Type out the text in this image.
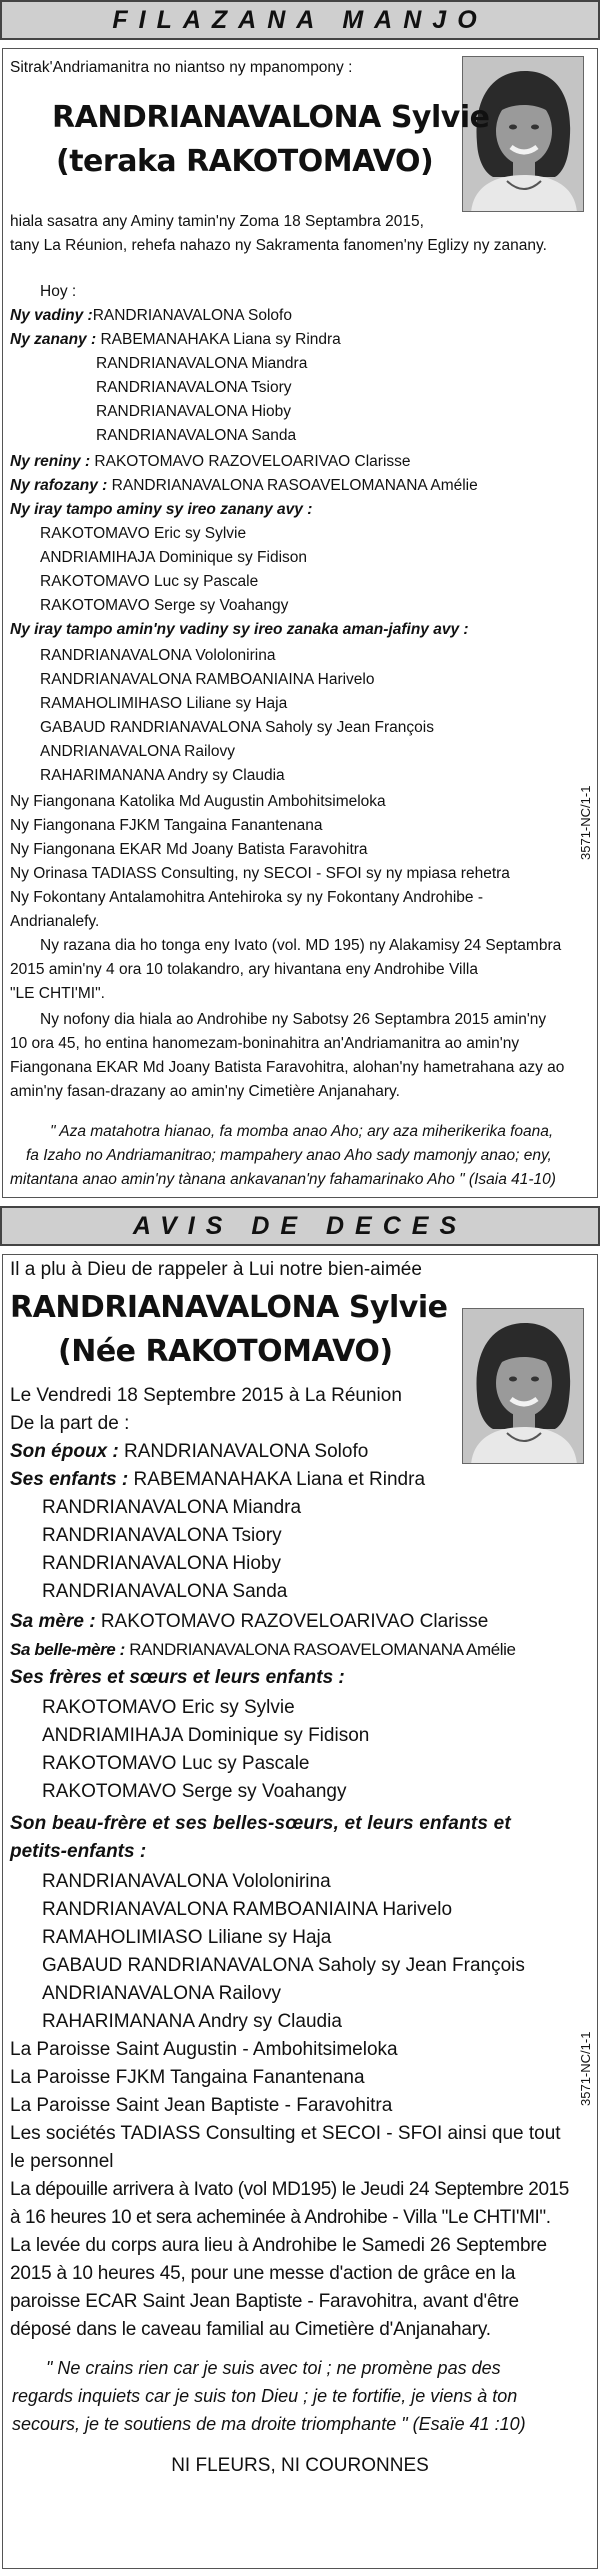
FILAZANA MANJO
Sitrak'Andriamanitra no niantso ny mpanompony :
RANDRIANAVALONA Sylvie
(teraka RAKOTOMAVO)
hiala sasatra any Aminy tamin'ny Zoma 18 Septambra 2015,
tany La Réunion, rehefa nahazo ny Sakramenta fanomen'ny Eglizy ny zanany.
Hoy :
Ny vadiny :RANDRIANAVALONA Solofo
Ny zanany : RABEMANAHAKA Liana sy Rindra
RANDRIANAVALONA Miandra
RANDRIANAVALONA Tsiory
RANDRIANAVALONA Hioby
RANDRIANAVALONA Sanda
Ny reniny : RAKOTOMAVO RAZOVELOARIVAO Clarisse
Ny rafozany : RANDRIANAVALONA RASOAVELOMANANA Amélie
Ny iray tampo aminy sy ireo zanany avy :
RAKOTOMAVO Eric sy Sylvie
ANDRIAMIHAJA Dominique sy Fidison
RAKOTOMAVO Luc sy Pascale
RAKOTOMAVO Serge sy Voahangy
Ny iray tampo amin'ny vadiny sy ireo zanaka aman-jafiny avy :
RANDRIANAVALONA Vololonirina
RANDRIANAVALONA RAMBOANIAINA Harivelo
RAMAHOLIMIHASO Liliane sy Haja
GABAUD RANDRIANAVALONA Saholy sy Jean François
ANDRIANAVALONA Railovy
RAHARIMANANA Andry sy Claudia
Ny Fiangonana Katolika Md Augustin Ambohitsimeloka
Ny Fiangonana FJKM Tangaina Fanantenana
Ny Fiangonana EKAR Md Joany Batista Faravohitra
Ny Orinasa TADIASS Consulting, ny SECOI - SFOI sy ny mpiasa rehetra
Ny Fokontany Antalamohitra Antehiroka sy ny Fokontany Androhibe -
Andrianalefy.
Ny razana dia ho tonga eny Ivato (vol. MD 195) ny Alakamisy 24 Septambra
2015 amin'ny 4 ora 10 tolakandro, ary hivantana eny Androhibe Villa
"LE CHTI'MI".
Ny nofony dia hiala ao Androhibe ny Sabotsy 26 Septambra 2015 amin'ny
10 ora 45, ho entina hanomezam-boninahitra an'Andriamanitra ao amin'ny
Fiangonana EKAR Md Joany Batista Faravohitra, alohan'ny hametrahana azy ao
amin'ny fasan-drazany ao amin'ny Cimetière Anjanahary.
" Aza matahotra hianao, fa momba anao Aho; ary aza miherikerika foana,
fa Izaho no Andriamanitrao; mampahery anao Aho sady mamonjy anao; eny,
mitantana anao amin'ny tànana ankavanan'ny fahamarinako Aho " (Isaia 41-10)
3571-NC/1-1
AVIS DE DECES
Il a plu à Dieu de rappeler à Lui notre bien-aimée
RANDRIANAVALONA Sylvie
(Née RAKOTOMAVO)
Le Vendredi 18 Septembre 2015 à La Réunion
De la part de :
Son époux : RANDRIANAVALONA Solofo
Ses enfants : RABEMANAHAKA Liana et Rindra
RANDRIANAVALONA Miandra
RANDRIANAVALONA Tsiory
RANDRIANAVALONA Hioby
RANDRIANAVALONA Sanda
Sa mère : RAKOTOMAVO RAZOVELOARIVAO Clarisse
Sa belle-mère : RANDRIANAVALONA RASOAVELOMANANA Amélie
Ses frères et sœurs et leurs enfants :
RAKOTOMAVO Eric sy Sylvie
ANDRIAMIHAJA Dominique sy Fidison
RAKOTOMAVO Luc sy Pascale
RAKOTOMAVO Serge sy Voahangy
Son beau-frère et ses belles-sœurs, et leurs enfants et
petits-enfants :
RANDRIANAVALONA Vololonirina
RANDRIANAVALONA RAMBOANIAINA Harivelo
RAMAHOLIMIASO Liliane sy Haja
GABAUD RANDRIANAVALONA Saholy sy Jean François
ANDRIANAVALONA Railovy
RAHARIMANANA Andry sy Claudia
La Paroisse Saint Augustin - Ambohitsimeloka
La Paroisse FJKM Tangaina Fanantenana
La Paroisse Saint Jean Baptiste - Faravohitra
Les sociétés TADIASS Consulting et SECOI - SFOI ainsi que tout
le personnel
La dépouille arrivera à Ivato (vol MD195) le Jeudi 24 Septembre 2015
à 16 heures 10 et sera acheminée à Androhibe - Villa "Le CHTI'MI".
La levée du corps aura lieu à Androhibe le Samedi 26 Septembre
2015 à 10 heures 45, pour une messe d'action de grâce en la
paroisse ECAR Saint Jean Baptiste - Faravohitra, avant d'être
déposé dans le caveau familial au Cimetière d'Anjanahary.
" Ne crains rien car je suis avec toi ; ne promène pas des
regards inquiets car je suis ton Dieu ; je te fortifie, je viens à ton
secours, je te soutiens de ma droite triomphante " (Esaïe 41 :10)
NI FLEURS, NI COURONNES
3571-NC/1-1
